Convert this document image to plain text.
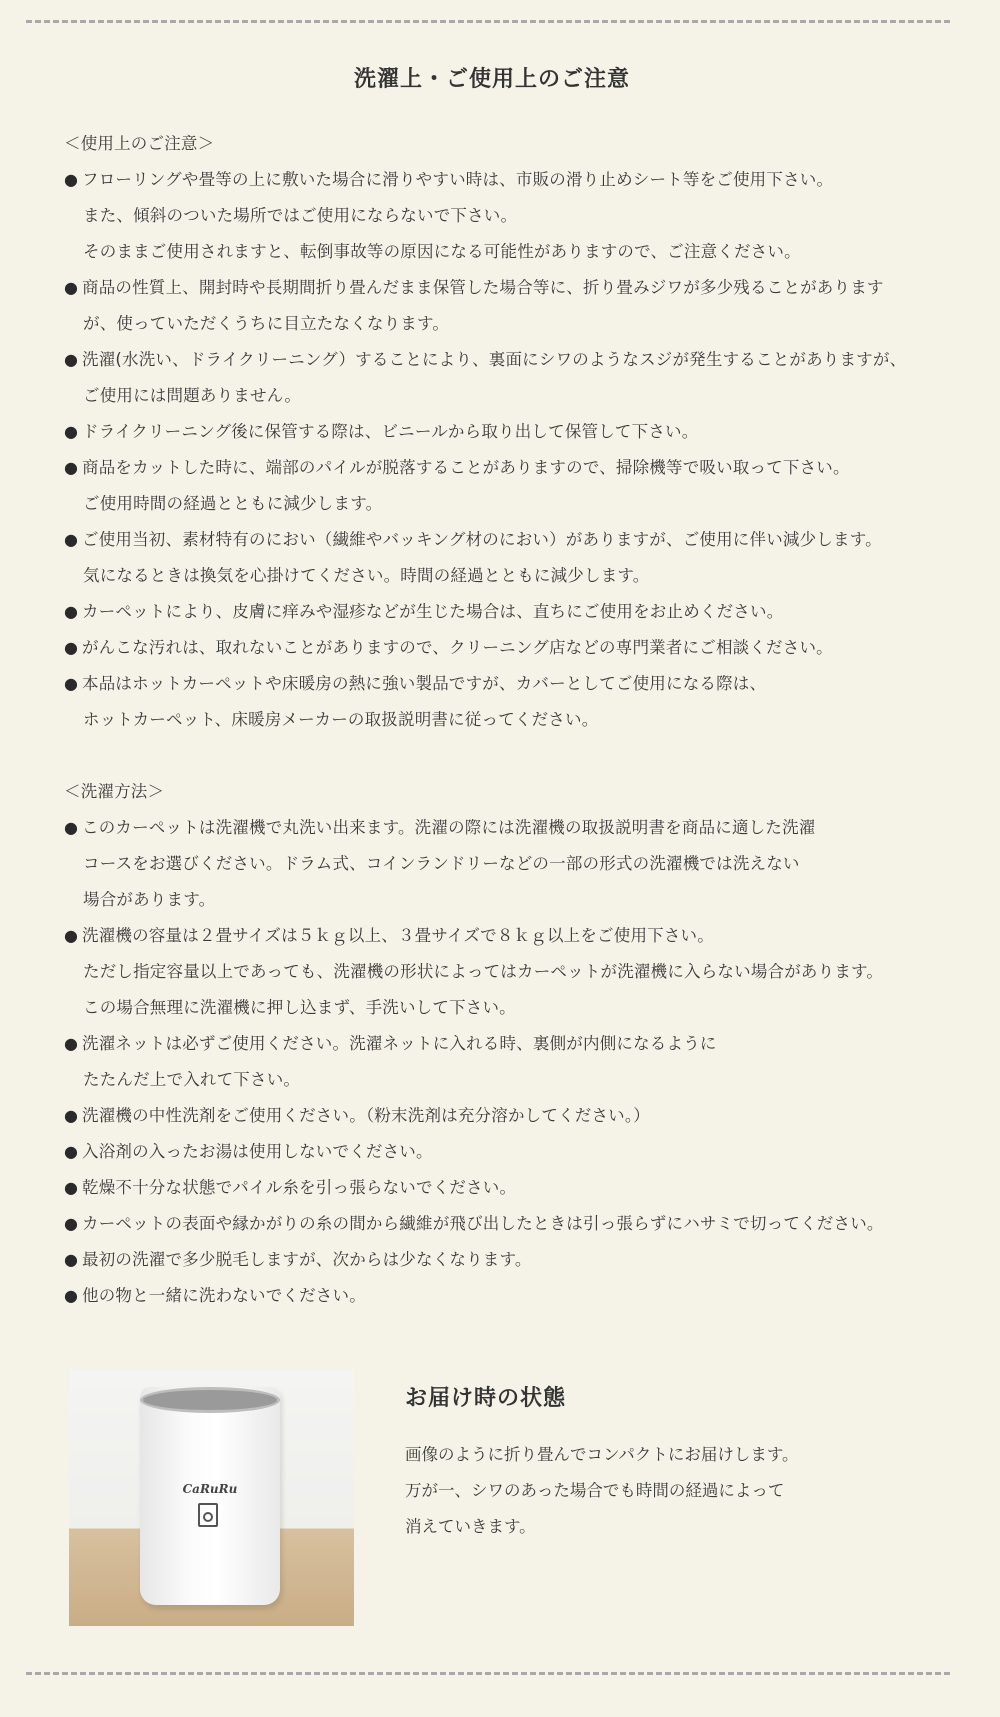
洗濯上・ご使用上のご注意
＜使用上のご注意＞
● フローリングや畳等の上に敷いた場合に滑りやすい時は、市販の滑り止めシート等をご使用下さい。
また、傾斜のついた場所ではご使用にならないで下さい。
そのままご使用されますと、転倒事故等の原因になる可能性がありますので、ご注意ください。
● 商品の性質上、開封時や長期間折り畳んだまま保管した場合等に、折り畳みジワが多少残ることがあります
が、使っていただくうちに目立たなくなります。
● 洗濯(水洗い、ドライクリーニング）することにより、裏面にシワのようなスジが発生することがありますが、
ご使用には問題ありません。
● ドライクリーニング後に保管する際は、ビニールから取り出して保管して下さい。
● 商品をカットした時に、端部のパイルが脱落することがありますので、掃除機等で吸い取って下さい。
ご使用時間の経過とともに減少します。
● ご使用当初、素材特有のにおい（繊維やバッキング材のにおい）がありますが、ご使用に伴い減少します。
気になるときは換気を心掛けてください。時間の経過とともに減少します。
● カーペットにより、皮膚に痒みや湿疹などが生じた場合は、直ちにご使用をお止めください。
● がんこな汚れは、取れないことがありますので、クリーニング店などの専門業者にご相談ください。
● 本品はホットカーペットや床暖房の熱に強い製品ですが、カバーとしてご使用になる際は、
ホットカーペット、床暖房メーカーの取扱説明書に従ってください。
＜洗濯方法＞
● このカーペットは洗濯機で丸洗い出来ます。洗濯の際には洗濯機の取扱説明書を商品に適した洗濯
コースをお選びください。ドラム式、コインランドリーなどの一部の形式の洗濯機では洗えない
場合があります。
● 洗濯機の容量は２畳サイズは５ｋｇ以上、３畳サイズで８ｋｇ以上をご使用下さい。
ただし指定容量以上であっても、洗濯機の形状によってはカーペットが洗濯機に入らない場合があります。
この場合無理に洗濯機に押し込まず、手洗いして下さい。
● 洗濯ネットは必ずご使用ください。洗濯ネットに入れる時、裏側が内側になるように
たたんだ上で入れて下さい。
● 洗濯機の中性洗剤をご使用ください。（粉末洗剤は充分溶かしてください。）
● 入浴剤の入ったお湯は使用しないでください。
● 乾燥不十分な状態でパイル糸を引っ張らないでください。
● カーペットの表面や縁かがりの糸の間から繊維が飛び出したときは引っ張らずにハサミで切ってください。
● 最初の洗濯で多少脱毛しますが、次からは少なくなります。
● 他の物と一緒に洗わないでください。
CaRuRu
お届け時の状態
画像のように折り畳んでコンパクトにお届けします。
万が一、シワのあった場合でも時間の経過によって
消えていきます。
